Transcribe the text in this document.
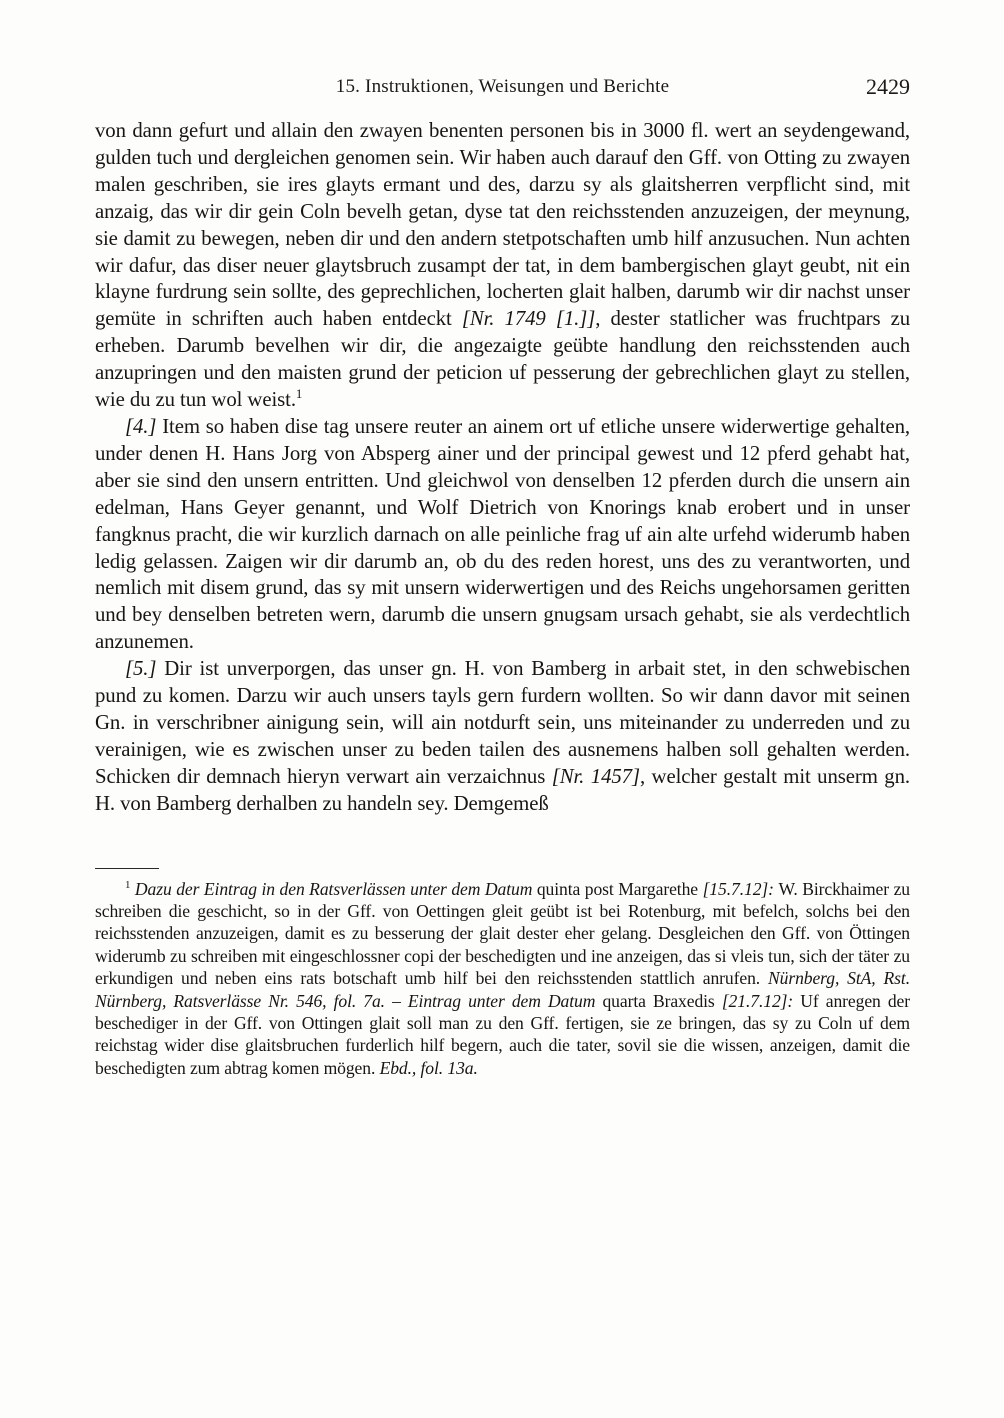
15. Instruktionen, Weisungen und Berichte	2429

von dann gefurt und allain den zwayen benenten personen bis in 3000 fl. wert an seydengewand, gulden tuch und dergleichen genomen sein. Wir haben auch darauf den Gff. von Otting zu zwayen malen geschriben, sie ires glayts ermant und des, darzu sy als glaitsherren verpflicht sind, mit anzaig, das wir dir gein Coln bevelh getan, dyse tat den reichsstenden anzuzeigen, der meynung, sie damit zu bewegen, neben dir und den andern stetpotschaften umb hilf anzusuchen. Nun achten wir dafur, das diser neuer glaytsbruch zusampt der tat, in dem bambergischen glayt geubt, nit ein klayne furdrung sein sollte, des geprechlichen, locherten glait halben, darumb wir dir nachst unser gemüte in schriften auch haben entdeckt [Nr. 1749 [1.]], dester statlicher was fruchtpars zu erheben. Darumb bevelhen wir dir, die angezaigte geübte handlung den reichsstenden auch anzupringen und den maisten grund der peticion uf pesserung der gebrechlichen glayt zu stellen, wie du zu tun wol weist.$^1$

[4.] Item so haben dise tag unsere reuter an ainem ort uf etliche unsere widerwertige gehalten, under denen H. Hans Jorg von Absperg ainer und der principal gewest und 12 pferd gehabt hat, aber sie sind den unsern entritten. Und gleichwol von denselben 12 pferden durch die unsern ain edelman, Hans Geyer genannt, und Wolf Dietrich von Knorings knab erobert und in unser fangknus pracht, die wir kurzlich darnach on alle peinliche frag uf ain alte urfehd widerumb haben ledig gelassen. Zaigen wir dir darumb an, ob du des reden horest, uns des zu verantworten, und nemlich mit disem grund, das sy mit unsern widerwertigen und des Reichs ungehorsamen geritten und bey denselben betreten wern, darumb die unsern gnugsam ursach gehabt, sie als verdechtlich anzunemen.

[5.] Dir ist unverporgen, das unser gn. H. von Bamberg in arbait stet, in den schwebischen pund zu komen. Darzu wir auch unsers tayls gern furdern wollten. So wir dann davor mit seinen Gn. in verschribner ainigung sein, will ain notdurft sein, uns miteinander zu underreden und zu verainigen, wie es zwischen unser zu beden tailen des ausnemens halben soll gehalten werden. Schicken dir demnach hieryn verwart ain verzaichnus [Nr. 1457], welcher gestalt mit unserm gn. H. von Bamberg derhalben zu handeln sey. Demgemeß

$^1$ Dazu der Eintrag in den Ratsverlässen unter dem Datum quinta post Margarethe [15.7.12]: W. Birckhaimer zu schreiben die geschicht, so in der Gff. von Oettingen gleit geübt ist bei Rotenburg, mit befelch, solchs bei den reichsstenden anzuzeigen, damit es zu besserung der glait dester eher gelang. Desgleichen den Gff. von Öttingen widerumb zu schreiben mit eingeschlossner copi der beschedigten und ine anzeigen, das si vleis tun, sich der täter zu erkundigen und neben eins rats botschaft umb hilf bei den reichsstenden stattlich anrufen. Nürnberg, StA, Rst. Nürnberg, Ratsverlässe Nr. 546, fol. 7a. – Eintrag unter dem Datum quarta Braxedis [21.7.12]: Uf anregen der beschediger in der Gff. von Ottingen glait soll man zu den Gff. fertigen, sie ze bringen, das sy zu Coln uf dem reichstag wider dise glaitsbruchen furderlich hilf begern, auch die tater, sovil sie die wissen, anzeigen, damit die beschedigten zum abtrag komen mögen. Ebd., fol. 13a.
